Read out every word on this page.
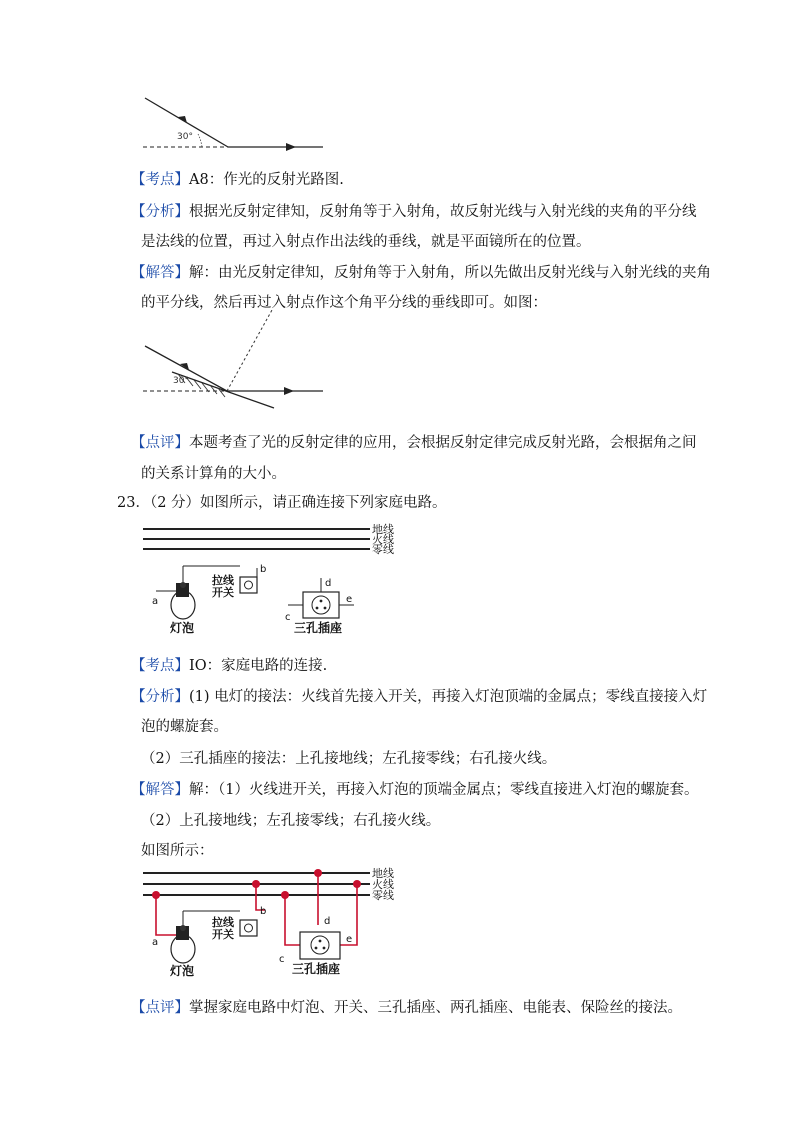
30°
【考点】A8：作光的反射光路图.
【分析】根据光反射定律知，反射角等于入射角，故反射光线与入射光线的夹角的平分线
是法线的位置，再过入射点作出法线的垂线，就是平面镜所在的位置。
【解答】解：由光反射定律知，反射角等于入射角，所以先做出反射光线与入射光线的夹角
的平分线，然后再过入射点作这个角平分线的垂线即可。如图：
30°
【点评】本题考查了光的反射定律的应用，会根据反射定律完成反射光路，会根据角之间
的关系计算角的大小。
23．（2 分）如图所示，请正确连接下列家庭电路。
地线
火线
零线
a
灯泡
b
拉线
开关
d
c
e
三孔插座
【考点】IO：家庭电路的连接.
【分析】(1) 电灯的接法：火线首先接入开关，再接入灯泡顶端的金属点；零线直接接入灯
泡的螺旋套。
（2）三孔插座的接法：上孔接地线；左孔接零线；右孔接火线。
【解答】解：（1）火线进开关，再接入灯泡的顶端金属点；零线直接进入灯泡的螺旋套。
（2）上孔接地线；左孔接零线；右孔接火线。
如图所示：
地线
火线
零线
a
灯泡
b
拉线
开关
d
c
e
三孔插座
【点评】掌握家庭电路中灯泡、开关、三孔插座、两孔插座、电能表、保险丝的接法。
